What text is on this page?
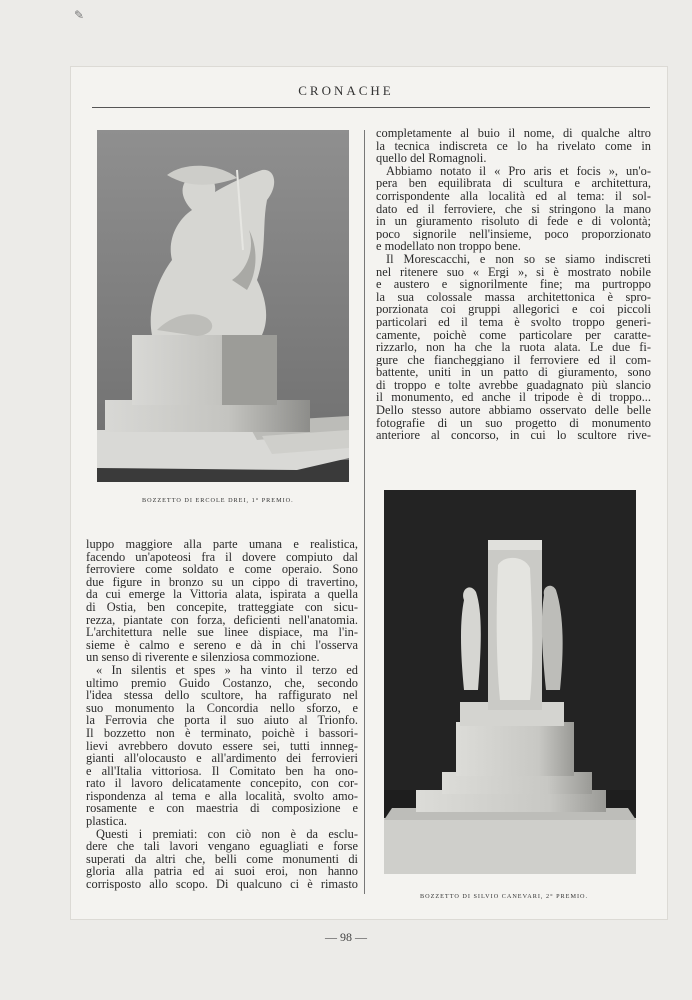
✎
CRONACHE
BOZZETTO DI ERCOLE DREI, 1° PREMIO.
completamente al buio il nome, di qualche altro
la tecnica indiscreta ce lo ha rivelato come in
quello del Romagnoli.
Abbiamo notato il « Pro aris et focis », un'o-
pera ben equilibrata di scultura e architettura,
corrispondente alla località ed al tema: il sol-
dato ed il ferroviere, che si stringono la mano
in un giuramento risoluto di fede e di volontà;
poco signorile nell'insieme, poco proporzionato
e modellato non troppo bene.
Il Morescacchi, e non so se siamo indiscreti
nel ritenere suo « Ergi », si è mostrato nobile
e austero e signorilmente fine; ma purtroppo
la sua colossale massa architettonica è spro-
porzionata coi gruppi allegorici e coi piccoli
particolari ed il tema è svolto troppo generi-
camente, poichè come particolare per caratte-
rizzarlo, non ha che la ruota alata. Le due fi-
gure che fiancheggiano il ferroviere ed il com-
battente, uniti in un patto di giuramento, sono
di troppo e tolte avrebbe guadagnato più slancio
il monumento, ed anche il tripode è di troppo...
Dello stesso autore abbiamo osservato delle belle
fotografie di un suo progetto di monumento
anteriore al concorso, in cui lo scultore rive-
BOZZETTO DI SILVIO CANEVARI, 2° PREMIO.
luppo maggiore alla parte umana e realistica,
facendo un'apoteosi fra il dovere compiuto dal
ferroviere come soldato e come operaio. Sono
due figure in bronzo su un cippo di travertino,
da cui emerge la Vittoria alata, ispirata a quella
di Ostia, ben concepite, tratteggiate con sicu-
rezza, piantate con forza, deficienti nell'anatomia.
L'architettura nelle sue linee dispiace, ma l'in-
sieme è calmo e sereno e dà in chi l'osserva
un senso di riverente e silenziosa commozione.
« In silentis et spes » ha vinto il terzo ed
ultimo premio Guido Costanzo, che, secondo
l'idea stessa dello scultore, ha raffigurato nel
suo monumento la Concordia nello sforzo, e
la Ferrovia che porta il suo aiuto al Trionfo.
Il bozzetto non è terminato, poichè i bassori-
lievi avrebbero dovuto essere sei, tutti innneg-
gianti all'olocausto e all'ardimento dei ferrovieri
e all'Italia vittoriosa. Il Comitato ben ha ono-
rato il lavoro delicatamente concepito, con cor-
rispondenza al tema e alla località, svolto amo-
rosamente e con maestria di composizione e
plastica.
Questi i premiati: con ciò non è da esclu-
dere che tali lavori vengano eguagliati e forse
superati da altri che, belli come monumenti di
gloria alla patria ed ai suoi eroi, non hanno
corrisposto allo scopo. Di qualcuno ci è rimasto
— 98 —
